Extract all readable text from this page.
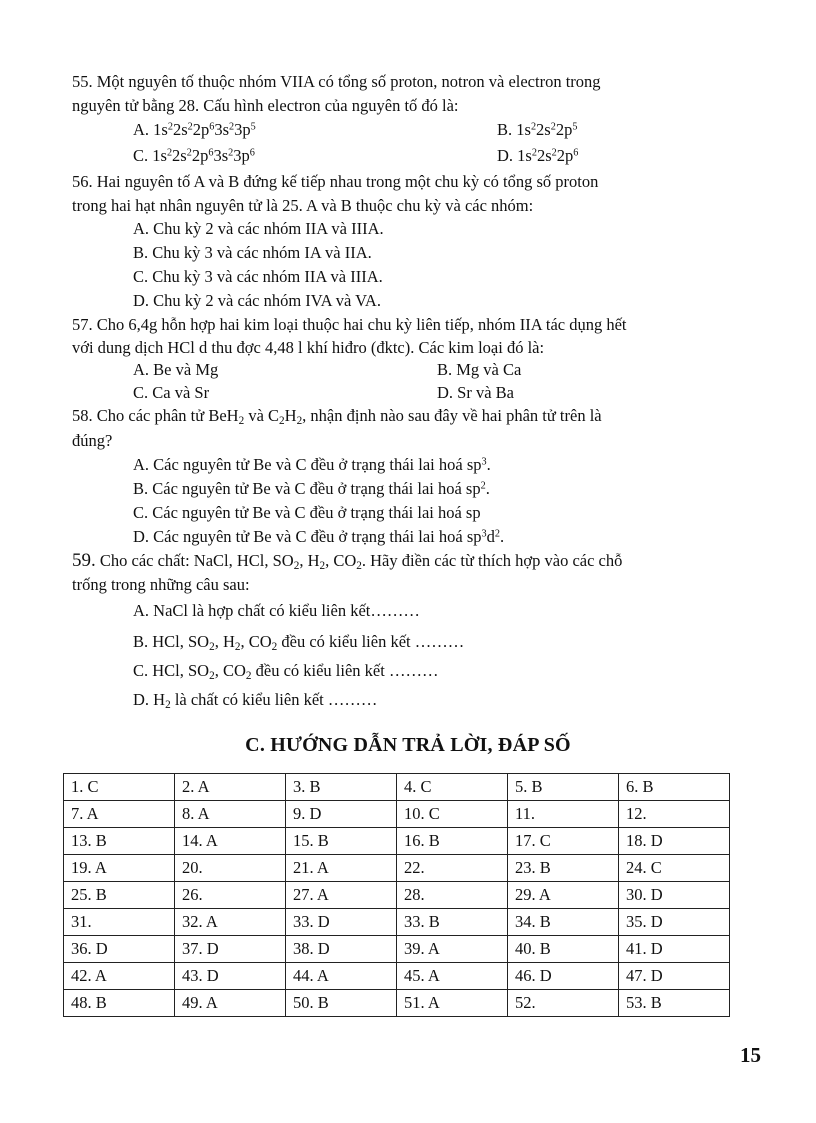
55. Một nguyên tố thuộc nhóm VIIA có tổng số proton, notron và electron trong
nguyên tử bằng 28. Cấu hình electron của nguyên tố đó là:
A. $1s^22s^22p^63s^23p^5$	B. $1s^22s^22p^5$
C. $1s^22s^22p^63s^23p^6$	D. $1s^22s^22p^6$
56. Hai nguyên tố A và B đứng kế tiếp nhau trong một chu kỳ có tổng số proton
trong hai hạt nhân nguyên tử là 25. A và B thuộc chu kỳ và các nhóm:
A. Chu kỳ 2 và các nhóm IIA và IIIA.
B. Chu kỳ 3 và các nhóm IA và IIA.
C. Chu kỳ 3 và các nhóm IIA và IIIA.
D. Chu kỳ 2 và các nhóm IVA và VA.
57. Cho 6,4g hỗn hợp hai kim loại thuộc hai chu kỳ liên tiếp, nhóm IIA tác dụng hết
với dung dịch HCl d thu đợc 4,48 l khí hiđro (đktc). Các kim loại đó là:
A. Be và Mg	B. Mg và Ca
C. Ca và Sr	D. Sr và Ba
58. Cho các phân tử BeH$_2$ và $C_2H_2$, nhận định nào sau đây về hai phân tử trên là
đúng?
A. Các nguyên tử Be và C đều ở trạng thái lai hoá $sp^3$.
B. Các nguyên tử Be và C đều ở trạng thái lai hoá $sp^2$.
C. Các nguyên tử Be và C đều ở trạng thái lai hoá sp
D. Các nguyên tử Be và C đều ở trạng thái lai hoá $sp^3d^2$.
59. Cho các chất: NaCl, HCl, $SO_2$, $H_2$, $CO_2$. Hãy điền các từ thích hợp vào các chỗ
trống trong những câu sau:
A. NaCl là hợp chất có kiểu liên kết………
B. HCl, $SO_2$, $H_2$, $CO_2$ đều có kiểu liên kết ………
C. HCl, $SO_2$, $CO_2$ đều có kiểu liên kết ………
D. $H_2$ là chất có kiểu liên kết ………
C. HƯỚNG DẪN TRẢ LỜI, ĐÁP SỐ
1. C	2. A	3. B	4. C	5. B	6. B
7. A	8. A	9. D	10. C	11.	12.
13. B	14. A	15. B	16. B	17. C	18. D
19. A	20.	21. A	22.	23. B	24. C
25. B	26.	27. A	28.	29. A	30. D
31.	32. A	33. D	33. B	34. B	35. D
36. D	37. D	38. D	39. A	40. B	41. D
42. A	43. D	44. A	45. A	46. D	47. D
48. B	49. A	50. B	51. A	52.	53. B
15
